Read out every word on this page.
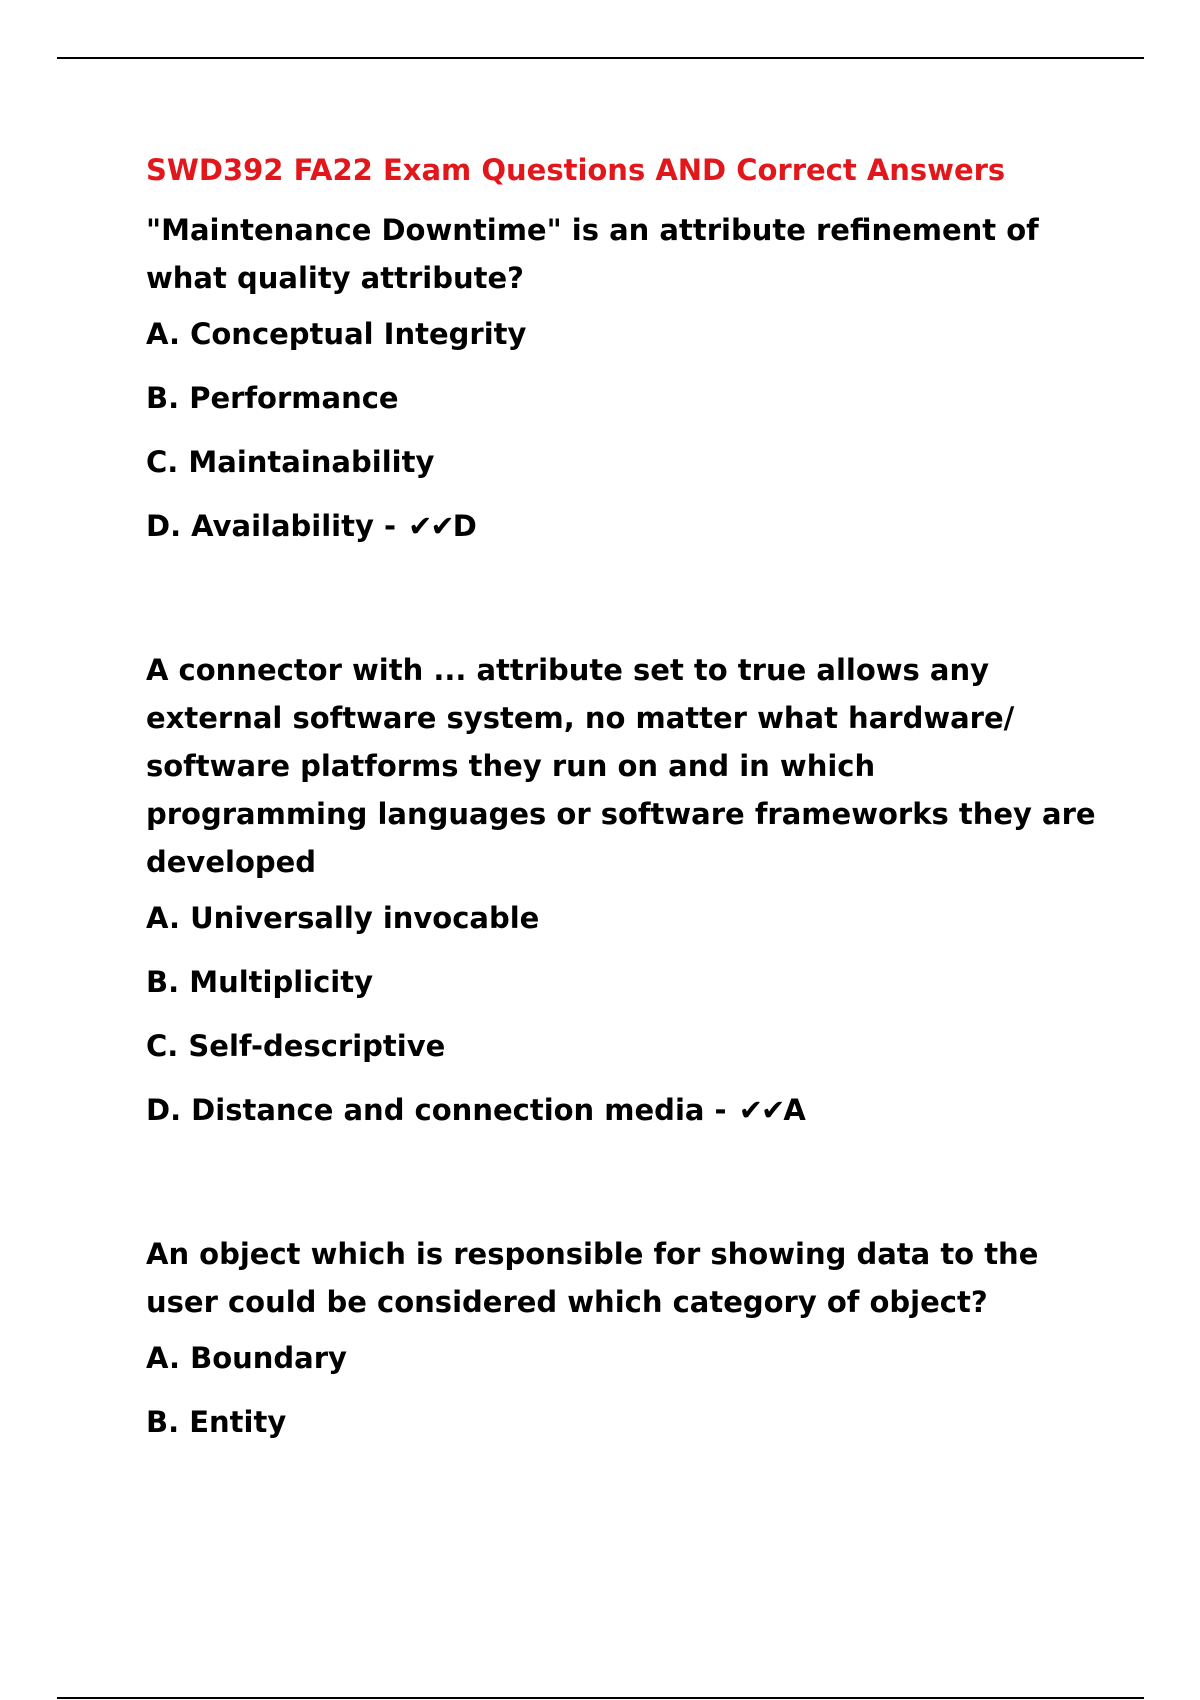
SWD392 FA22 Exam Questions AND Correct Answers
"Maintenance Downtime" is an attribute refinement of what quality attribute?
A. Conceptual Integrity
B. Performance
C. Maintainability
D. Availability - ✔✔D
A connector with ... attribute set to true allows any external software system, no matter what hardware/ software platforms they run on and in which programming languages or software frameworks they are developed
A. Universally invocable
B. Multiplicity
C. Self-descriptive
D. Distance and connection media - ✔✔A
An object which is responsible for showing data to the user could be considered which category of object?
A. Boundary
B. Entity
